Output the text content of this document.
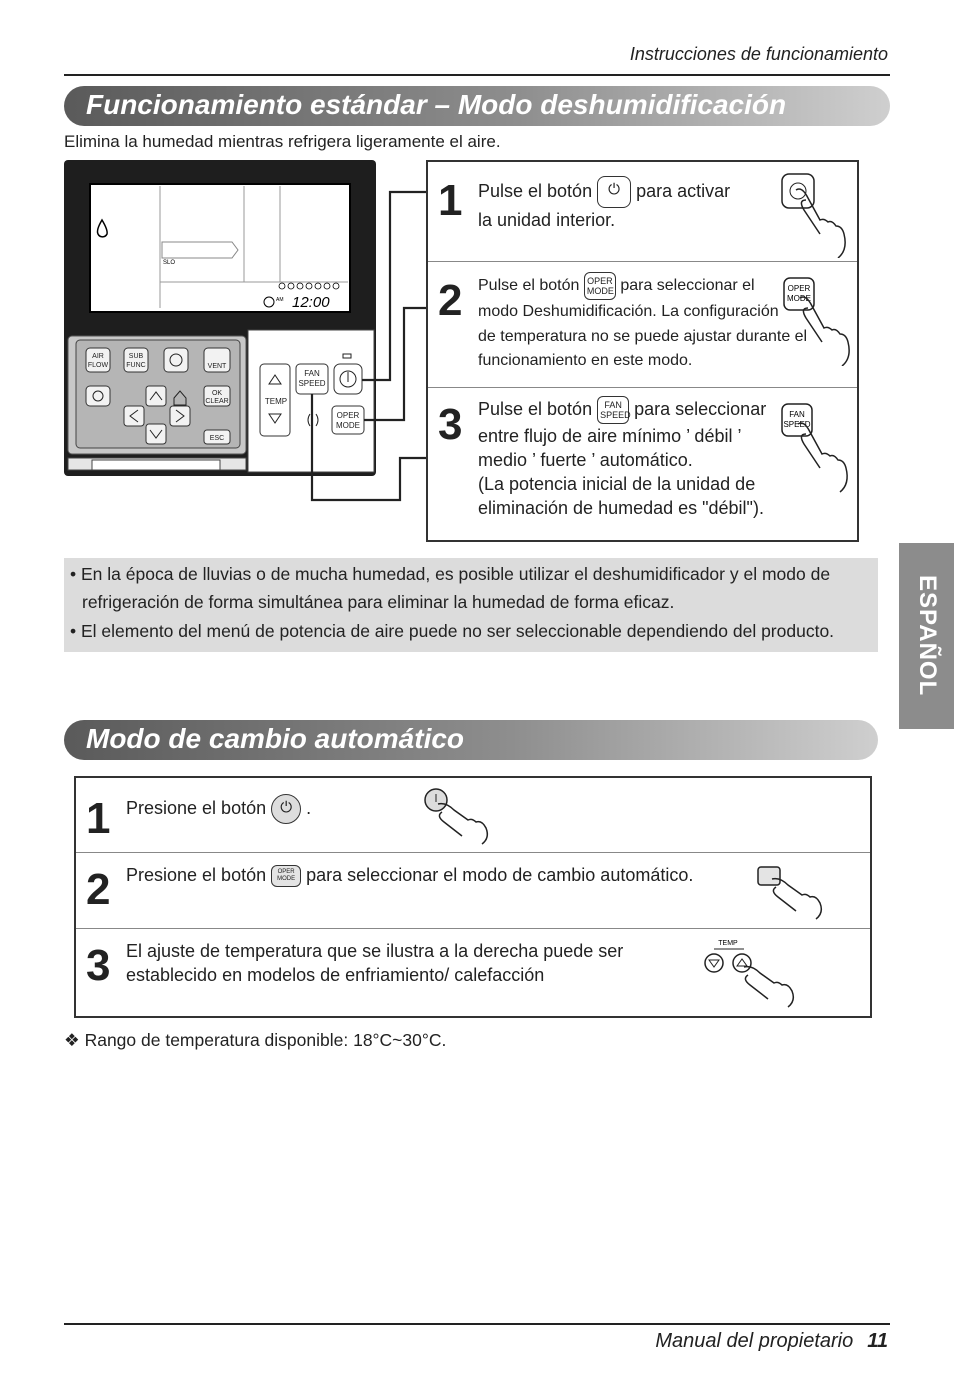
Instrucciones de funcionamiento
Funcionamiento estándar – Modo deshumidificación
Elimina la humedad mientras refrigera ligeramente el aire.
SLO
AM 12:00
AIR
FLOW
SUB
FUNC	VENT
OK
CLEAR
ESC
TEMP
FAN
SPEED
OPER
MODE
1 Pulse el botón ⏻ para activar
la unidad interior.
2 Pulse el botón OPER
MODE para seleccionar el
modo Deshumidificación. La configuración
de temperatura no se puede ajustar durante el
funcionamiento en este modo.
OPER
MODE
3 Pulse el botón FAN
SPEED para seleccionar
entre flujo de aire mínimo ’ débil ’
medio ’ fuerte ’ automático.
(La potencia inicial de la unidad de
eliminación de humedad es "débil").
FAN
SPEED

• En la época de lluvias o de mucha humedad, es posible utilizar el deshumidificador y el modo de

refrigeración de forma simultánea para eliminar la humedad de forma eficaz.

• El elemento del menú de potencia de aire puede no ser seleccionable dependiendo del producto.	ESPAÑOL
Modo de cambio automático
1 Presione el botón ⏻ .
2 Presione el botón OPER
MODE para seleccionar el modo de cambio automático.
3 El ajuste de temperatura que se ilustra a la derecha puede ser
establecido en modelos de enfriamiento/ calefacción
TEMP
❖ Rango de temperatura disponible: 18°C~30°C.
Manual del propietario 11
